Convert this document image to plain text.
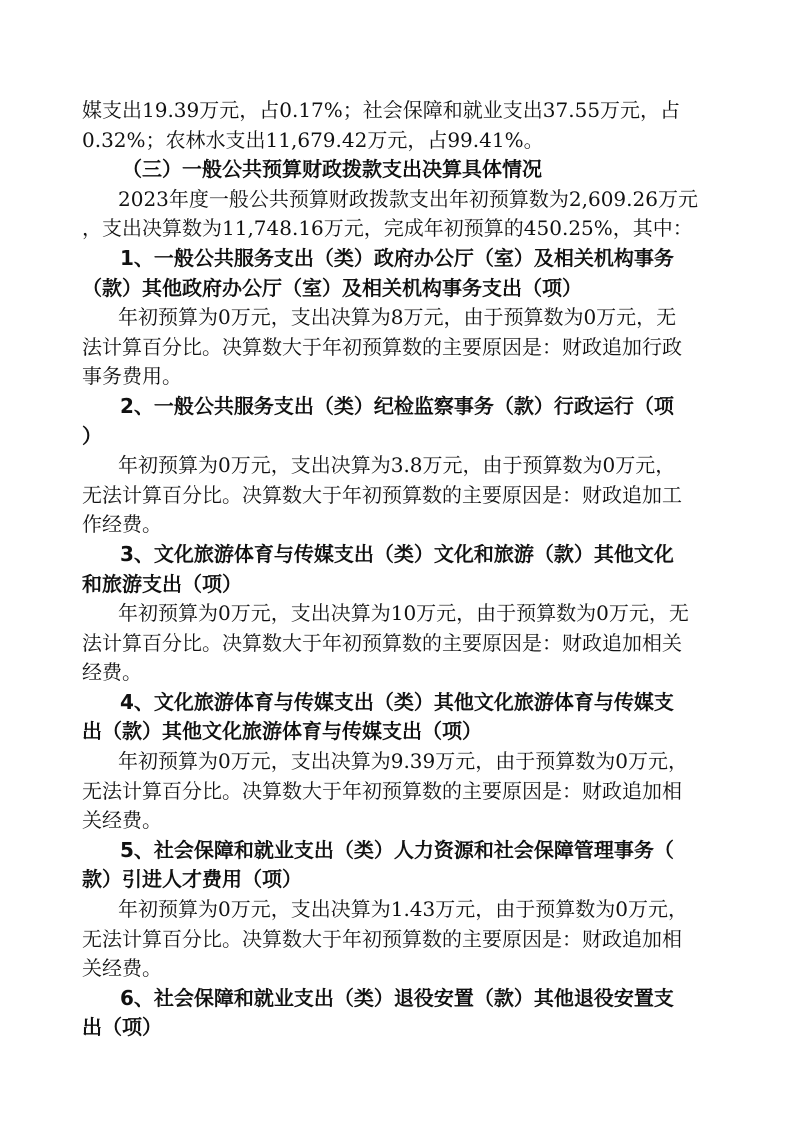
媒支出19.39万元，占0.17%；社会保障和就业支出37.55万元，占
0.32%；农林水支出11,679.42万元，占99.41%。
（三）一般公共预算财政拨款支出决算具体情况
2023年度一般公共预算财政拨款支出年初预算数为2,609.26万元
，支出决算数为11,748.16万元，完成年初预算的450.25%，其中：
1、一般公共服务支出（类）政府办公厅（室）及相关机构事务
（款）其他政府办公厅（室）及相关机构事务支出（项）
年初预算为0万元，支出决算为8万元，由于预算数为0万元，无
法计算百分比。决算数大于年初预算数的主要原因是：财政追加行政
事务费用。
2、一般公共服务支出（类）纪检监察事务（款）行政运行（项
）
年初预算为0万元，支出决算为3.8万元，由于预算数为0万元，
无法计算百分比。决算数大于年初预算数的主要原因是：财政追加工
作经费。
3、文化旅游体育与传媒支出（类）文化和旅游（款）其他文化
和旅游支出（项）
年初预算为0万元，支出决算为10万元，由于预算数为0万元，无
法计算百分比。决算数大于年初预算数的主要原因是：财政追加相关
经费。
4、文化旅游体育与传媒支出（类）其他文化旅游体育与传媒支
出（款）其他文化旅游体育与传媒支出（项）
年初预算为0万元，支出决算为9.39万元，由于预算数为0万元，
无法计算百分比。决算数大于年初预算数的主要原因是：财政追加相
关经费。
5、社会保障和就业支出（类）人力资源和社会保障管理事务（
款）引进人才费用（项）
年初预算为0万元，支出决算为1.43万元，由于预算数为0万元，
无法计算百分比。决算数大于年初预算数的主要原因是：财政追加相
关经费。
6、社会保障和就业支出（类）退役安置（款）其他退役安置支
出（项）
